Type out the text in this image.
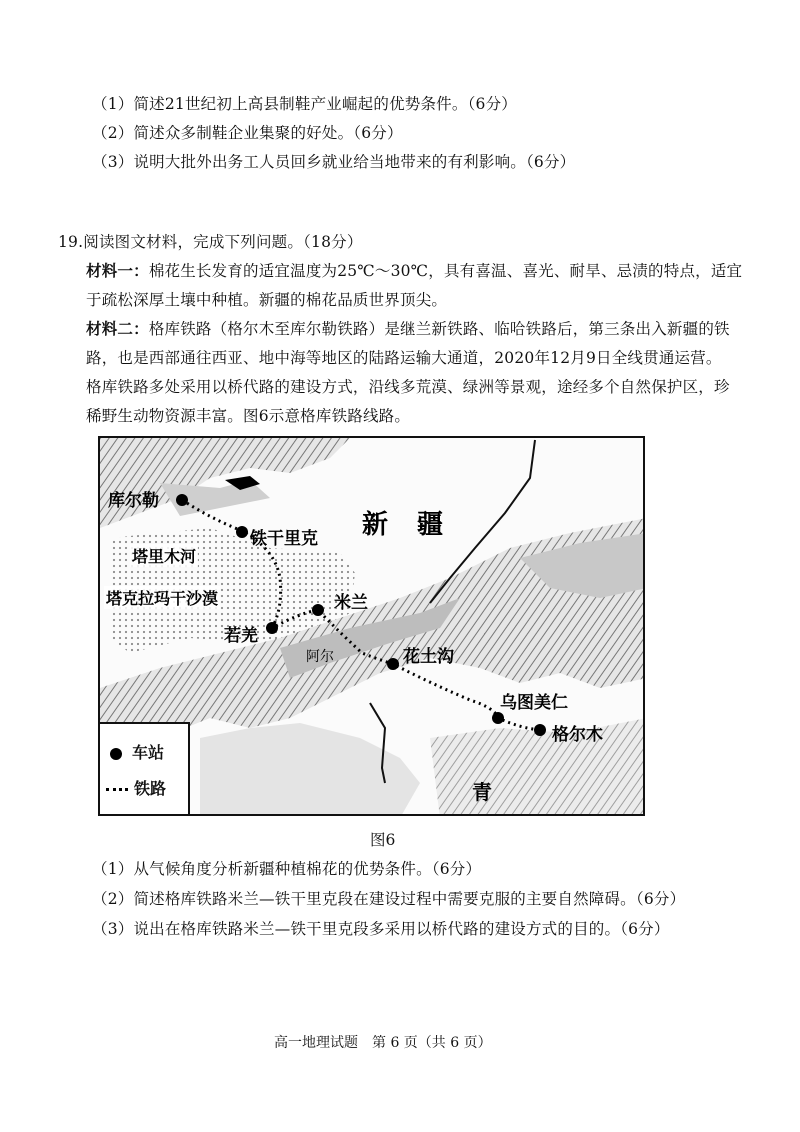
（1）简述21世纪初上高县制鞋产业崛起的优势条件。（6分）
（2）简述众多制鞋企业集聚的好处。（6分）
（3）说明大批外出务工人员回乡就业给当地带来的有利影响。（6分）
19.阅读图文材料，完成下列问题。（18分）
材料一：棉花生长发育的适宜温度为25℃～30℃，具有喜温、喜光、耐旱、忌渍的特点，适宜
于疏松深厚土壤中种植。新疆的棉花品质世界顶尖。
材料二：格库铁路（格尔木至库尔勒铁路）是继兰新铁路、临哈铁路后，第三条出入新疆的铁
路，也是西部通往西亚、地中海等地区的陆路运输大通道，2020年12月9日全线贯通运营。
格库铁路多处采用以桥代路的建设方式，沿线多荒漠、绿洲等景观，途经多个自然保护区，珍
稀野生动物资源丰富。图6示意格库铁路线路。
库尔勒
铁干里克 新 疆
塔里木河
塔克拉玛干沙漠
若羌
米兰
阿尔	花土沟
乌图美仁
格尔木
青
车站
铁路
图6
（1）从气候角度分析新疆种植棉花的优势条件。（6分）
（2）简述格库铁路米兰—铁干里克段在建设过程中需要克服的主要自然障碍。（6分）
（3）说出在格库铁路米兰—铁干里克段多采用以桥代路的建设方式的目的。（6分）
高一地理试题　第 6 页（共 6 页）
